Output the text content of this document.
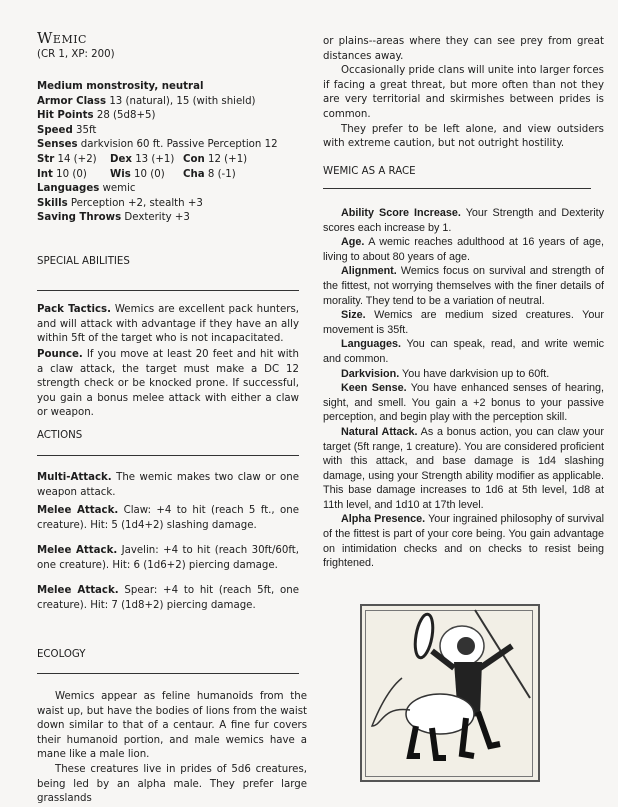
Wemic
(CR 1, XP: 200)
Medium monstrosity, neutral
Armor Class 13 (natural), 15 (with shield)
Hit Points 28 (5d8+5)
Speed 35ft
Senses darkvision 60 ft. Passive Perception 12
Str 14 (+2) Dex 13 (+1) Con 12 (+1)
Int 10 (0) Wis 10 (0) Cha 8 (-1)
Languages wemic
Skills Perception +2, stealth +3
Saving Throws Dexterity +3
SPECIAL ABILITIES
Pack Tactics. Wemics are excellent pack hunters, and will attack with advantage if they have an ally within 5ft of the target who is not incapacitated.
Pounce. If you move at least 20 feet and hit with a claw attack, the target must make a DC 12 strength check or be knocked prone. If successful, you gain a bonus melee attack with either a claw or weapon.
ACTIONS
Multi-Attack. The wemic makes two claw or one weapon attack.
Melee Attack. Claw: +4 to hit (reach 5 ft., one creature). Hit: 5 (1d4+2) slashing damage.
Melee Attack. Javelin: +4 to hit (reach 30ft/60ft, one creature). Hit: 6 (1d6+2) piercing damage.
Melee Attack. Spear: +4 to hit (reach 5ft, one creature). Hit: 7 (1d8+2) piercing damage.
ECOLOGY
Wemics appear as feline humanoids from the waist up, but have the bodies of lions from the waist down similar to that of a centaur. A fine fur covers their humanoid portion, and male wemics have a mane like a male lion.
These creatures live in prides of 5d6 creatures, being led by an alpha male. They prefer large grasslands

or plains--areas where they can see prey from great distances away.

Occasionally pride clans will unite into larger forces if facing a great threat, but more often than not they are very territorial and skirmishes between prides is common.

They prefer to be left alone, and view outsiders with extreme caution, but not outright hostility.

WEMIC AS A RACE
Ability Score Increase. Your Strength and Dexterity scores each increase by 1.
Age. A wemic reaches adulthood at 16 years of age, living to about 80 years of age.
Alignment. Wemics focus on survival and strength of the fittest, not worrying themselves with the finer details of morality. They tend to be a variation of neutral.
Size. Wemics are medium sized creatures. Your movement is 35ft.
Languages. You can speak, read, and write wemic and common.
Darkvision. You have darkvision up to 60ft.
Keen Sense. You have enhanced senses of hearing, sight, and smell. You gain a +2 bonus to your passive perception, and begin play with the perception skill.
Natural Attack. As a bonus action, you can claw your target (5ft range, 1 creature). You are considered proficient with this attack, and base damage is 1d4 slashing damage, using your Strength ability modifier as applicable. This base damage increases to 1d6 at 5th level, 1d8 at 11th level, and 1d10 at 17th level.
Alpha Presence. Your ingrained philosophy of survival of the fittest is part of your core being. You gain advantage on intimidation checks and on checks to resist being frightened.
